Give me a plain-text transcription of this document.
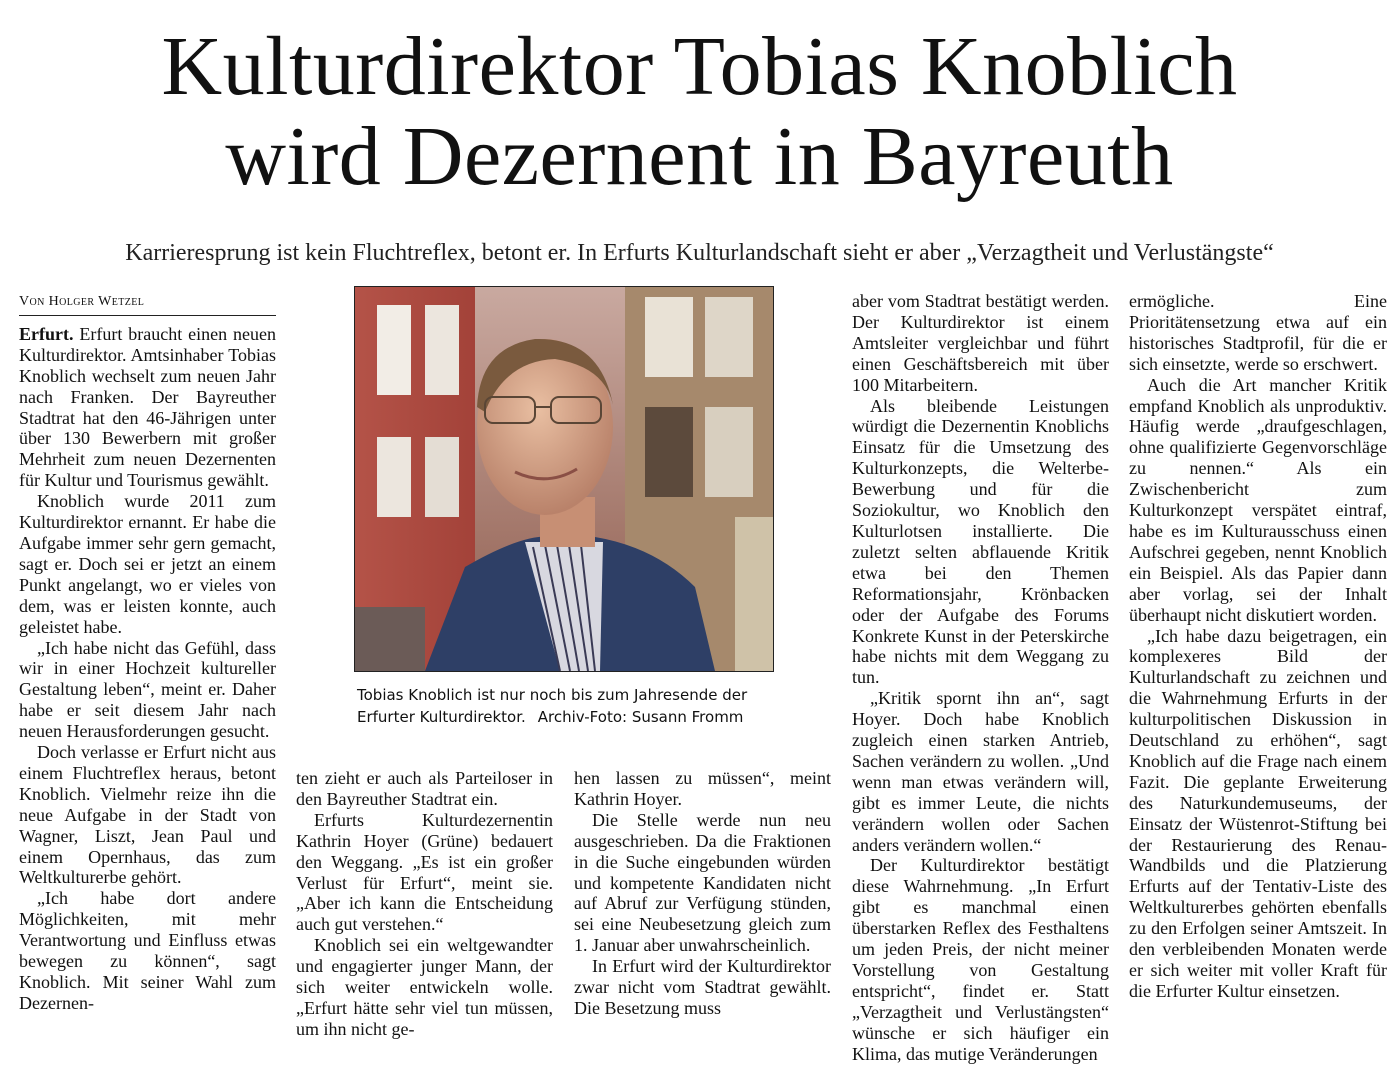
Kulturdirektor Tobias Knoblich
wird Dezernent in Bayreuth
Karrieresprung ist kein Fluchtreflex, betont er. In Erfurts Kulturlandschaft sieht er aber „Verzagtheit und Verlustängste“
Von Holger Wetzel

Erfurt. Erfurt braucht einen neuen Kulturdirektor. Amtsinhaber Tobias Knoblich wechselt zum neuen Jahr nach Franken. Der Bayreuther Stadtrat hat den 46-Jährigen unter über 130 Bewerbern mit großer Mehrheit zum neuen Dezernenten für Kultur und Tourismus gewählt.

Knoblich wurde 2011 zum Kulturdirektor ernannt. Er habe die Aufgabe immer sehr gern gemacht, sagt er. Doch sei er jetzt an einem Punkt angelangt, wo er vieles von dem, was er leisten konnte, auch geleistet habe.

„Ich habe nicht das Gefühl, dass wir in einer Hochzeit kultureller Gestaltung leben“, meint er. Daher habe er seit diesem Jahr nach neuen Herausforderungen gesucht.

Doch verlasse er Erfurt nicht aus einem Fluchtreflex heraus, betont Knoblich. Vielmehr reize ihn die neue Aufgabe in der Stadt von Wagner, Liszt, Jean Paul und einem Opernhaus, das zum Weltkulturerbe gehört.

„Ich habe dort andere Möglichkeiten, mit mehr Verantwortung und Einfluss etwas bewegen zu können“, sagt Knoblich. Mit seiner Wahl zum Dezernen-

Tobias Knoblich ist nur noch bis zum Jahresende der Erfurter Kulturdirektor. Archiv-Foto: Susann Fromm

ten zieht er auch als Parteiloser in den Bayreuther Stadtrat ein.

Erfurts Kulturdezernentin Kathrin Hoyer (Grüne) bedauert den Weggang. „Es ist ein großer Verlust für Erfurt“, meint sie. „Aber ich kann die Entscheidung auch gut verstehen.“

Knoblich sei ein weltgewandter und engagierter junger Mann, der sich weiter entwickeln wolle. „Erfurt hätte sehr viel tun müssen, um ihn nicht ge-

hen lassen zu müssen“, meint Kathrin Hoyer.

Die Stelle werde nun neu ausgeschrieben. Da die Fraktionen in die Suche eingebunden würden und kompetente Kandidaten nicht auf Abruf zur Verfügung stünden, sei eine Neubesetzung gleich zum 1. Januar aber unwahrscheinlich.

In Erfurt wird der Kulturdirektor zwar nicht vom Stadtrat gewählt. Die Besetzung muss

aber vom Stadtrat bestätigt werden. Der Kulturdirektor ist einem Amtsleiter vergleichbar und führt einen Geschäftsbereich mit über 100 Mitarbeitern.

Als bleibende Leistungen würdigt die Dezernentin Knoblichs Einsatz für die Umsetzung des Kulturkonzepts, die Welterbe-Bewerbung und für die Soziokultur, wo Knoblich den Kulturlotsen installierte. Die zuletzt selten abflauende Kritik etwa bei den Themen Reformationsjahr, Krönbacken oder der Aufgabe des Forums Konkrete Kunst in der Peterskirche habe nichts mit dem Weggang zu tun.

„Kritik spornt ihn an“, sagt Hoyer. Doch habe Knoblich zugleich einen starken Antrieb, Sachen verändern zu wollen. „Und wenn man etwas verändern will, gibt es immer Leute, die nichts verändern wollen oder Sachen anders verändern wollen.“

Der Kulturdirektor bestätigt diese Wahrnehmung. „In Erfurt gibt es manchmal einen überstarken Reflex des Festhaltens um jeden Preis, der nicht meiner Vorstellung von Gestaltung entspricht“, findet er. Statt „Verzagtheit und Verlustängsten“ wünsche er sich häufiger ein Klima, das mutige Veränderungen

ermögliche. Eine Prioritätensetzung etwa auf ein historisches Stadtprofil, für die er sich einsetzte, werde so erschwert.

Auch die Art mancher Kritik empfand Knoblich als unproduktiv. Häufig werde „draufgeschlagen, ohne qualifizierte Gegenvorschläge zu nennen.“ Als ein Zwischenbericht zum Kulturkonzept verspätet eintraf, habe es im Kulturausschuss einen Aufschrei gegeben, nennt Knoblich ein Beispiel. Als das Papier dann aber vorlag, sei der Inhalt überhaupt nicht diskutiert worden.

„Ich habe dazu beigetragen, ein komplexeres Bild der Kulturlandschaft zu zeichnen und die Wahrnehmung Erfurts in der kulturpolitischen Diskussion in Deutschland zu erhöhen“, sagt Knoblich auf die Frage nach einem Fazit. Die geplante Erweiterung des Naturkundemuseums, der Einsatz der Wüstenrot-Stiftung bei der Restaurierung des Renau-Wandbilds und die Platzierung Erfurts auf der Tentativ-Liste des Weltkulturerbes gehörten ebenfalls zu den Erfolgen seiner Amtszeit. In den verbleibenden Monaten werde er sich weiter mit voller Kraft für die Erfurter Kultur einsetzen.
